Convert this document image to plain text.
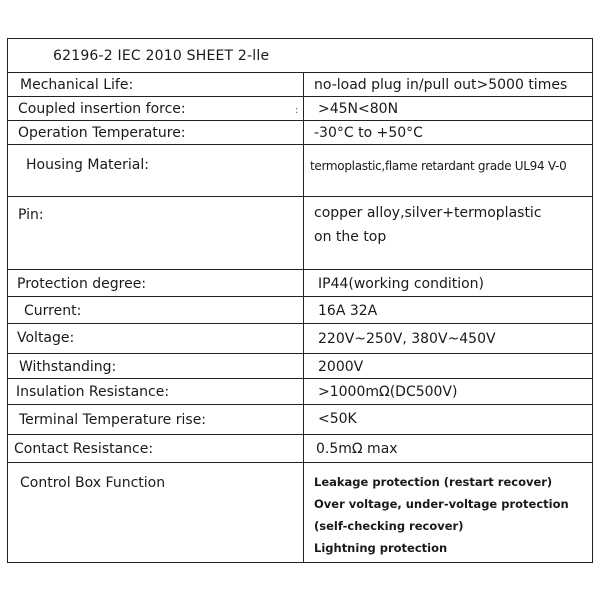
62196-2 IEC 2010 SHEET 2-lle
Mechanical Life:	no-load plug in/pull out>5000 times
Coupled insertion force:	: >45N<80N
Operation Temperature:	-30°C to +50°C
Housing Material:	termoplastic,flame retardant grade UL94 V-0
Pin:	copper alloy,silver+termoplastic
on the top
Protection degree:	IP44(working condition)
Current:	16A 32A
Voltage:	220V~250V, 380V~450V
Withstanding:	2000V
Insulation Resistance:	>1000mΩ(DC500V)
Terminal Temperature rise:	<50K
Contact Resistance:	0.5mΩ max
Control Box Function	Leakage protection (restart recover)
Over voltage, under-voltage protection
(self-checking recover)
Lightning protection
